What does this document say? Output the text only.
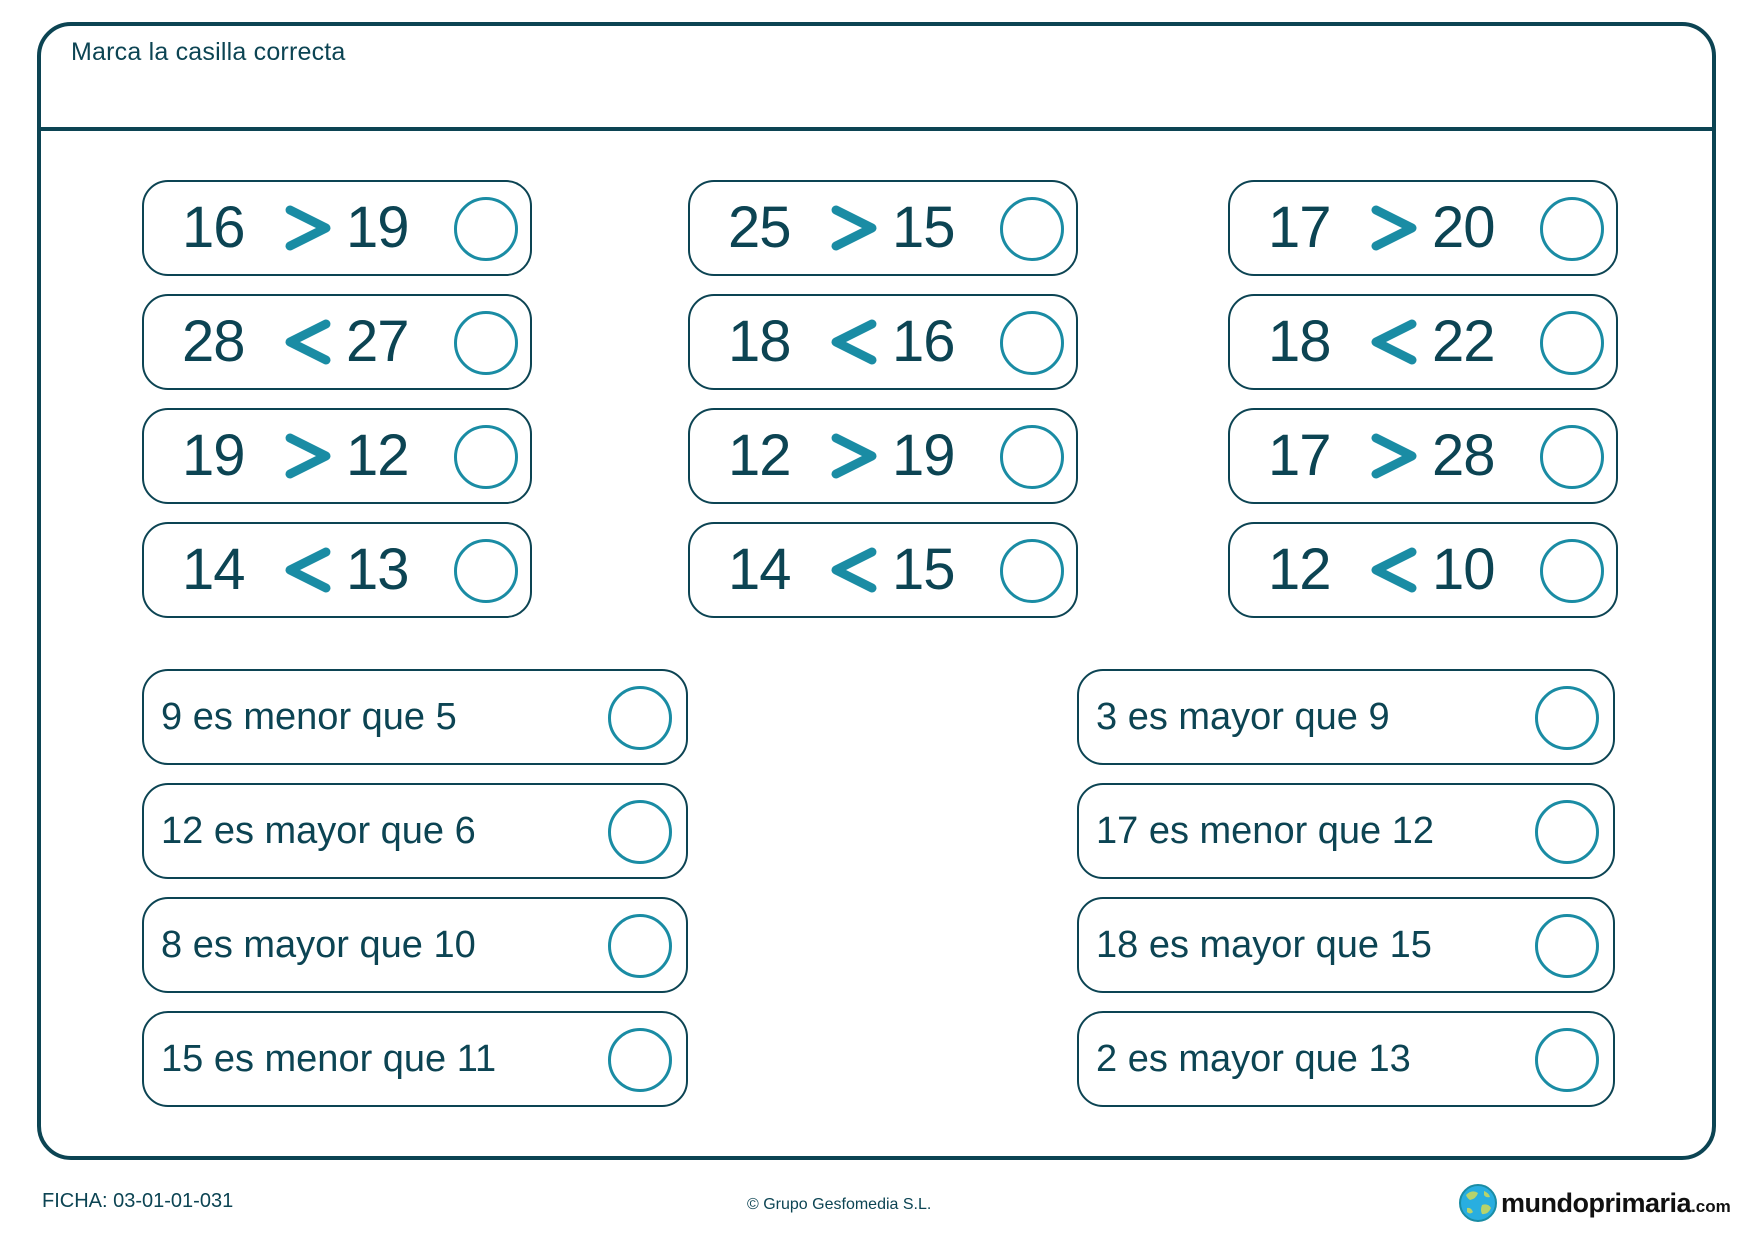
Marca la casilla correcta
16 19
28 27
19 12
14 13
25 15
18 16
12 19
14 15
17 20
18 22
17 28
12 10
9 es menor que 5
12 es mayor que 6
8 es mayor que 10
15 es menor que 11
3 es mayor que 9
17 es menor que 12
18 es mayor que 15
2 es mayor que 13
FICHA: 03-01-01-031	© Grupo Gesfomedia S.L.	mundoprimaria .com
